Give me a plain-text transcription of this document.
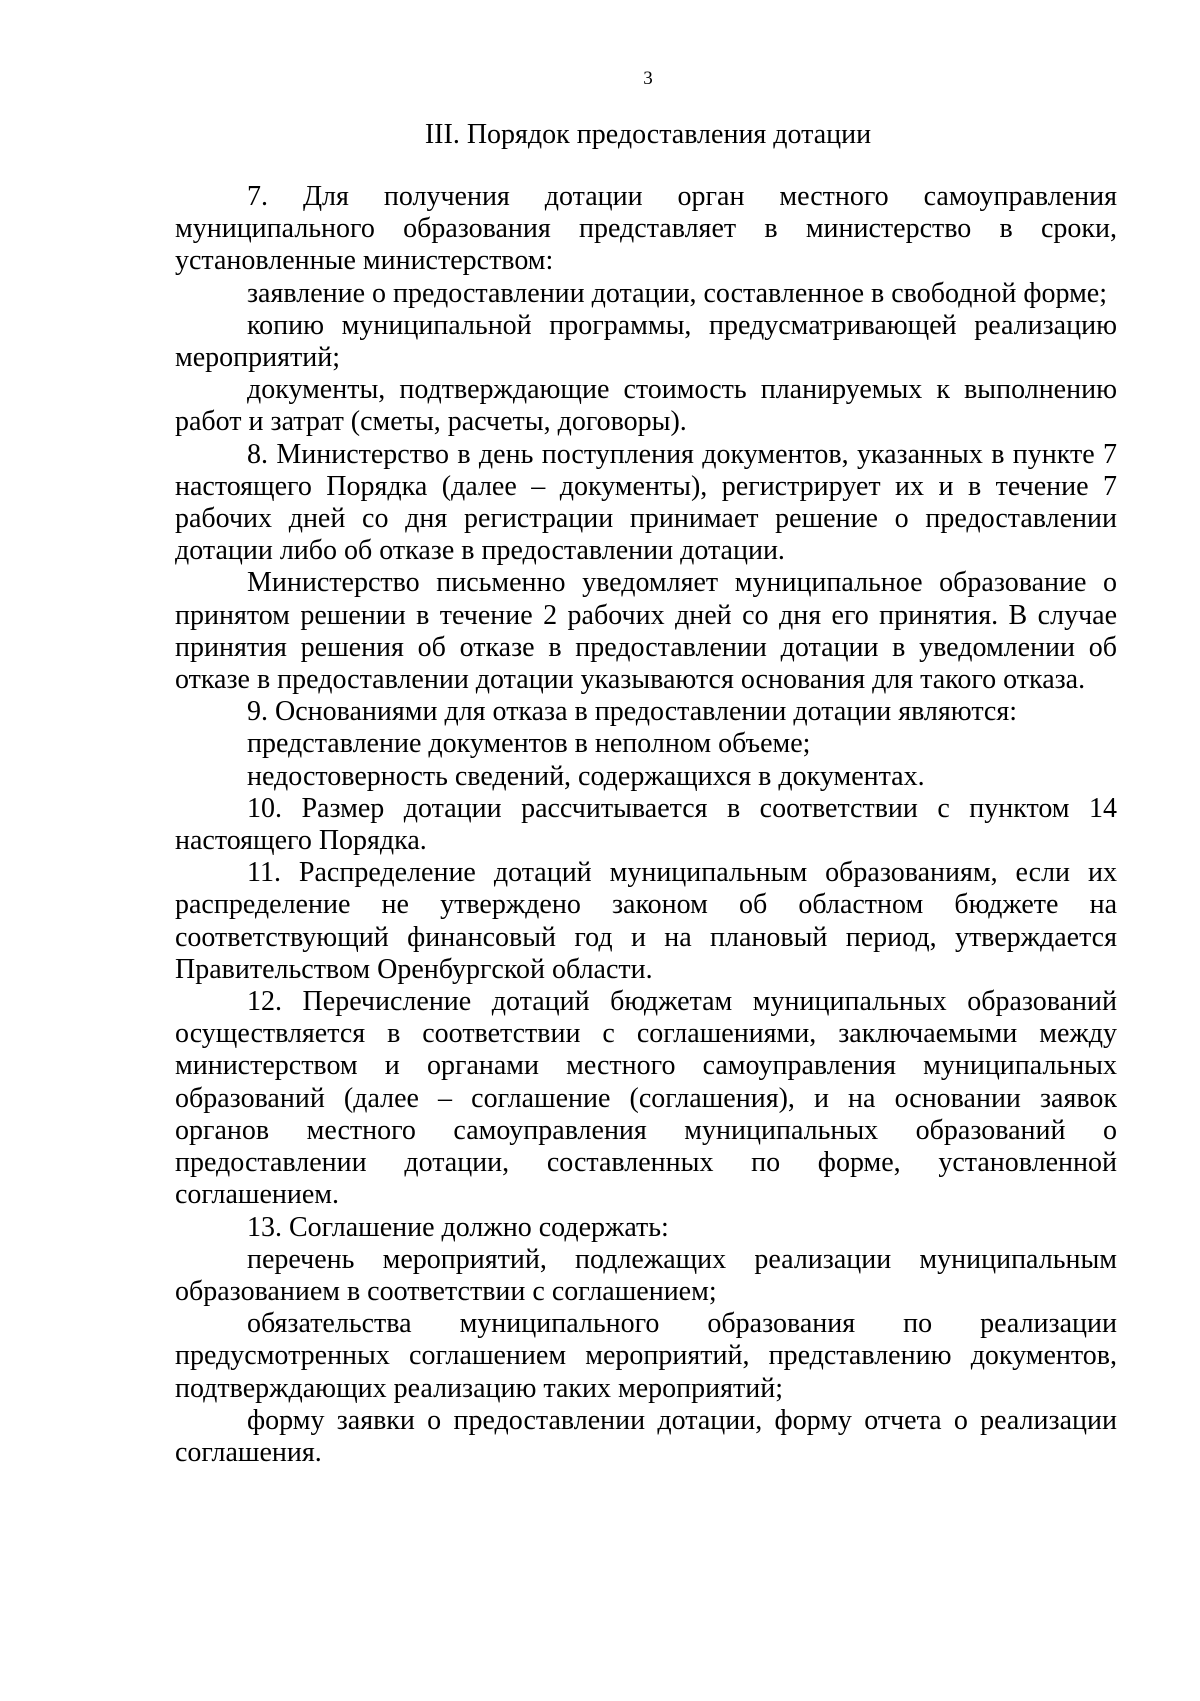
3
III. Порядок предоставления дотации

7. Для получения дотации орган местного самоуправления муниципального образования представляет в министерство в сроки, установленные министерством:

заявление о предоставлении дотации, составленное в свободной форме;

копию муниципальной программы, предусматривающей реализацию мероприятий;

документы, подтверждающие стоимость планируемых к выполнению работ и затрат (сметы, расчеты, договоры).

8. Министерство в день поступления документов, указанных в пункте 7 настоящего Порядка (далее – документы), регистрирует их и в течение 7 рабочих дней со дня регистрации принимает решение о предоставлении дотации либо об отказе в предоставлении дотации.

Министерство письменно уведомляет муниципальное образование о принятом решении в течение 2 рабочих дней со дня его принятия. В случае принятия решения об отказе в предоставлении дотации в уведомлении об отказе в предоставлении дотации указываются основания для такого отказа.

9. Основаниями для отказа в предоставлении дотации являются:

представление документов в неполном объеме;

недостоверность сведений, содержащихся в документах.

10. Размер дотации рассчитывается в соответствии с пунктом 14 настоящего Порядка.

11. Распределение дотаций муниципальным образованиям, если их распределение не утверждено законом об областном бюджете на соответствующий финансовый год и на плановый период, утверждается Правительством Оренбургской области.

12. Перечисление дотаций бюджетам муниципальных образований осуществляется в соответствии с соглашениями, заключаемыми между министерством и органами местного самоуправления муниципальных образований (далее – соглашение (соглашения), и на основании заявок органов местного самоуправления муниципальных образований о предоставлении дотации, составленных по форме, установленной соглашением.

13. Соглашение должно содержать:

перечень мероприятий, подлежащих реализации муниципальным образованием в соответствии с соглашением;

обязательства муниципального образования по реализации предусмотренных соглашением мероприятий, представлению документов, подтверждающих реализацию таких мероприятий;

форму заявки о предоставлении дотации, форму отчета о реализации соглашения.
